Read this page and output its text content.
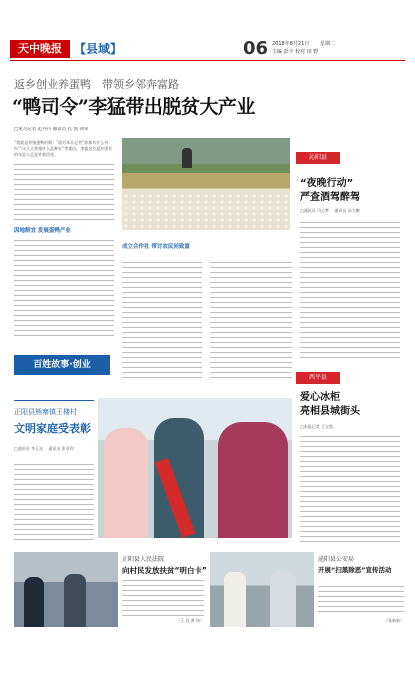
天中晚报	【县域】	06 2018年8月21日 星期二
主编 彭宇 校对 田 野
返乡创业养蛋鸭　带领乡邻奔富路
“鸭司令”李猛带出脱贫大产业
□见习记者 范丹丹 通讯员 孔 凯 刘荣
“我就是养殖蛋鸭的啊！”面对本社记者“你都有什么身份”“这几天养殖什么品种好”等提问，李猛这位返乡创业的年轻人总是笑着回答。
因地制宜 发展蛋鸭产业
百姓故事·创业
成立合作社 带讨农民同致富
沁阳县
“夜晚行动”
严查酒驾醉驾
□通讯员 闫心梦 　通讯员 孙大鹏
西平县
爱心冰柜
亮相县城街头
□本报记者 王宝霞
正阳县熊寨镇王楼村
文明家庭受表彰
□通讯员 李玉光 　通讯员 张亚利
正阳县人民法院
向村民发放扶贫“明白卡”
（王 钰 黄 伟）
泌阳县公安局
开展“扫黑除恶”宣传活动
（张新新）
